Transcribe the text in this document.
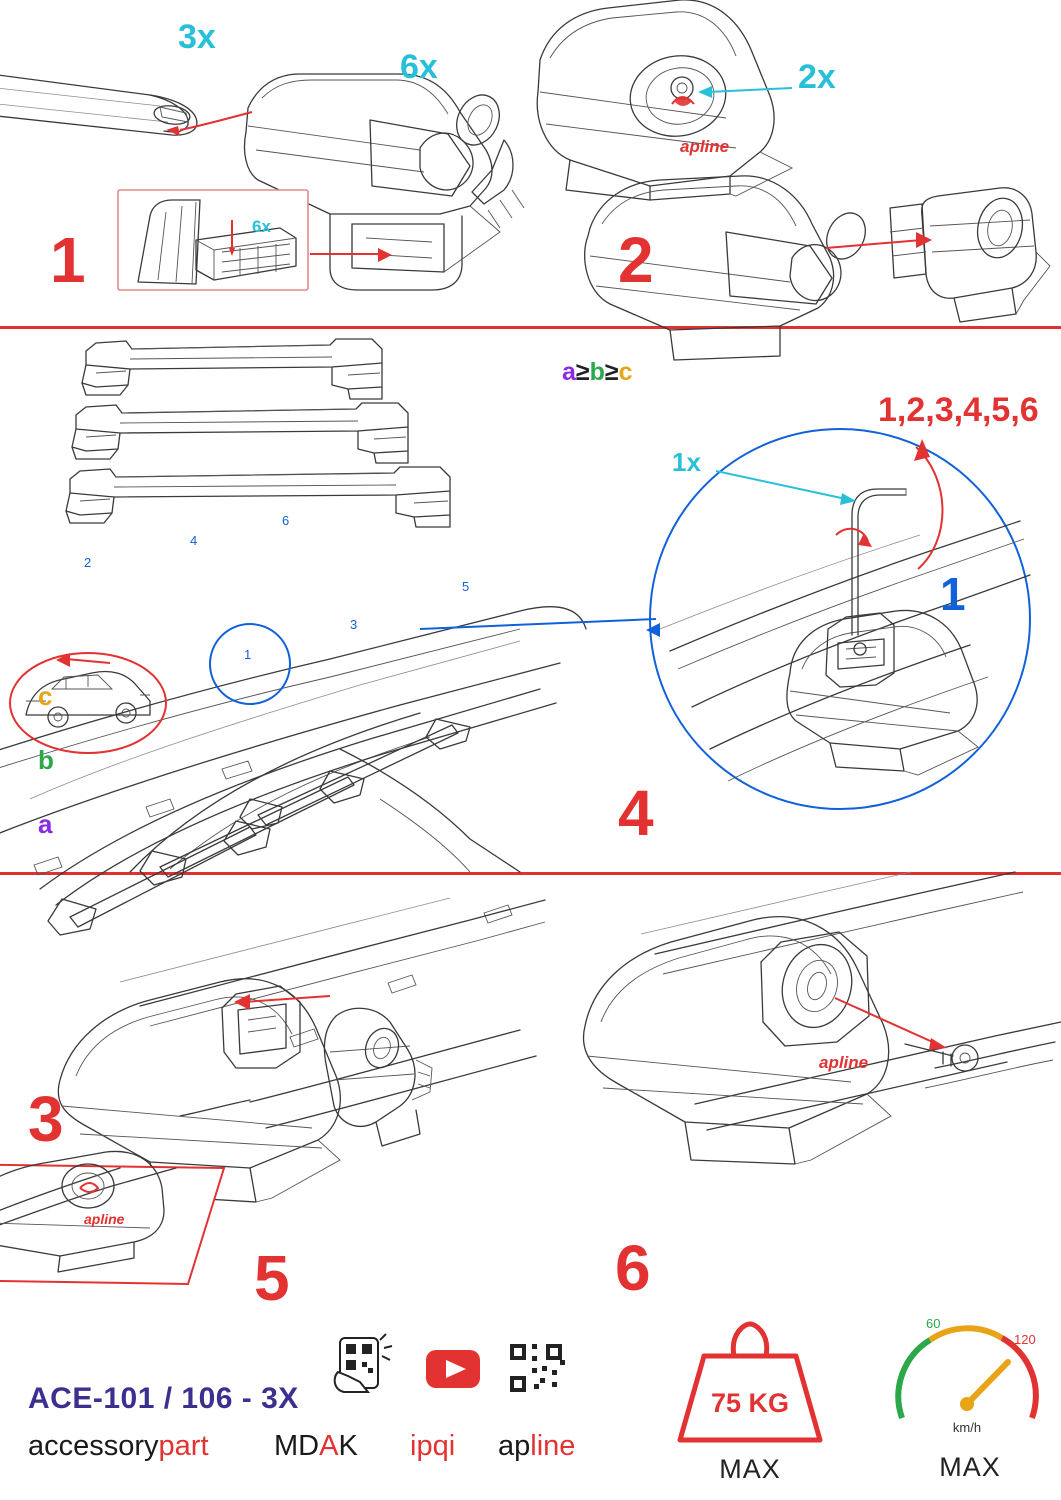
6x
3x
6x
1
apline
2x
2
2
4
6
3
5
1
c
b
a
3
a≥b≥c
1x
1,2,3,4,5,6
1
4
apline
5
apline
6
ACE-101 / 106 - 3X
accessorypart MDAK ipqi apline
75 KG
MAX
60
120
km/h
MAX
